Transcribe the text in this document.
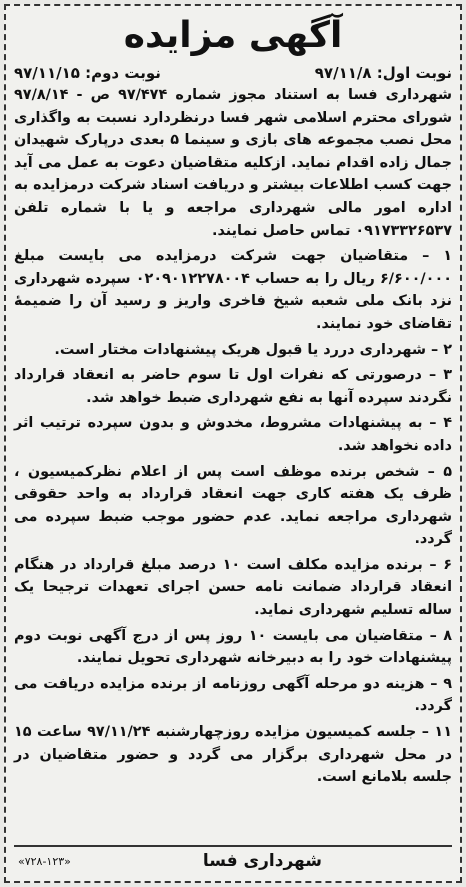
آگهی مزایده
نوبت اول: ۹۷/۱۱/۸
نوبت دوم: ۹۷/۱۱/۱۵

شهرداری فسا به استناد مجوز شماره ۹۷/۴۷۴ ص - ۹۷/۸/۱۴ شورای محترم اسلامی شهر فسا درنظردارد نسبت به واگذاری محل نصب مجموعه های بازی و سینما ۵ بعدی درپارک شهیدان جمال زاده اقدام نماید. ازکلیه متقاضیان دعوت به عمل می آید جهت کسب اطلاعات بیشتر و دریافت اسناد شرکت درمزایده به اداره امور مالی شهرداری مراجعه و یا با شماره تلفن ۰۹۱۷۳۳۲۶۵۳۷ تماس حاصل نمایند.

۱ – متقاضیان جهت شرکت درمزایده می بایست مبلغ ۶/۶۰۰/۰۰۰ ریال را به حساب ۰۲۰۹۰۱۲۲۷۸۰۰۴ سپرده شهرداری نزد بانک ملی شعبه شیخ فاخری واریز و رسید آن را ضمیمۀ تقاضای خود نمایند.

۲ – شهرداری دررد یا قبول هریک پیشنهادات مختار است.

۳ – درصورتی که نفرات اول تا سوم حاضر به انعقاد قرارداد نگردند سپرده آنها به نفع شهرداری ضبط خواهد شد.

۴ – به پیشنهادات مشروط، مخدوش و بدون سپرده ترتیب اثر داده نخواهد شد.

۵ – شخص برنده موظف است پس از اعلام نظرکمیسیون ، ظرف یک هفته کاری جهت انعقاد قرارداد به واحد حقوقی شهرداری مراجعه نماید. عدم حضور موجب ضبط سپرده می گردد.

۶ – برنده مزایده مکلف است ۱۰ درصد مبلغ قرارداد در هنگام انعقاد قرارداد ضمانت نامه حسن اجرای تعهدات ترجیحا یک ساله تسلیم شهرداری نماید.

۸ – متقاضیان می بایست ۱۰ روز پس از درج آگهی نوبت دوم پیشنهادات خود را به دبیرخانه شهرداری تحویل نمایند.

۹ – هزینه دو مرحله آگهی روزنامه از برنده مزایده دریافت می گردد.

۱۱ – جلسه کمیسیون مزایده روزچهارشنبه ۹۷/۱۱/۲۴ ساعت ۱۵ در محل شهرداری برگزار می گردد و حضور متقاضیان در جلسه بلامانع است.

شهرداری فسا
«۷۲۸-۱۲۳»
